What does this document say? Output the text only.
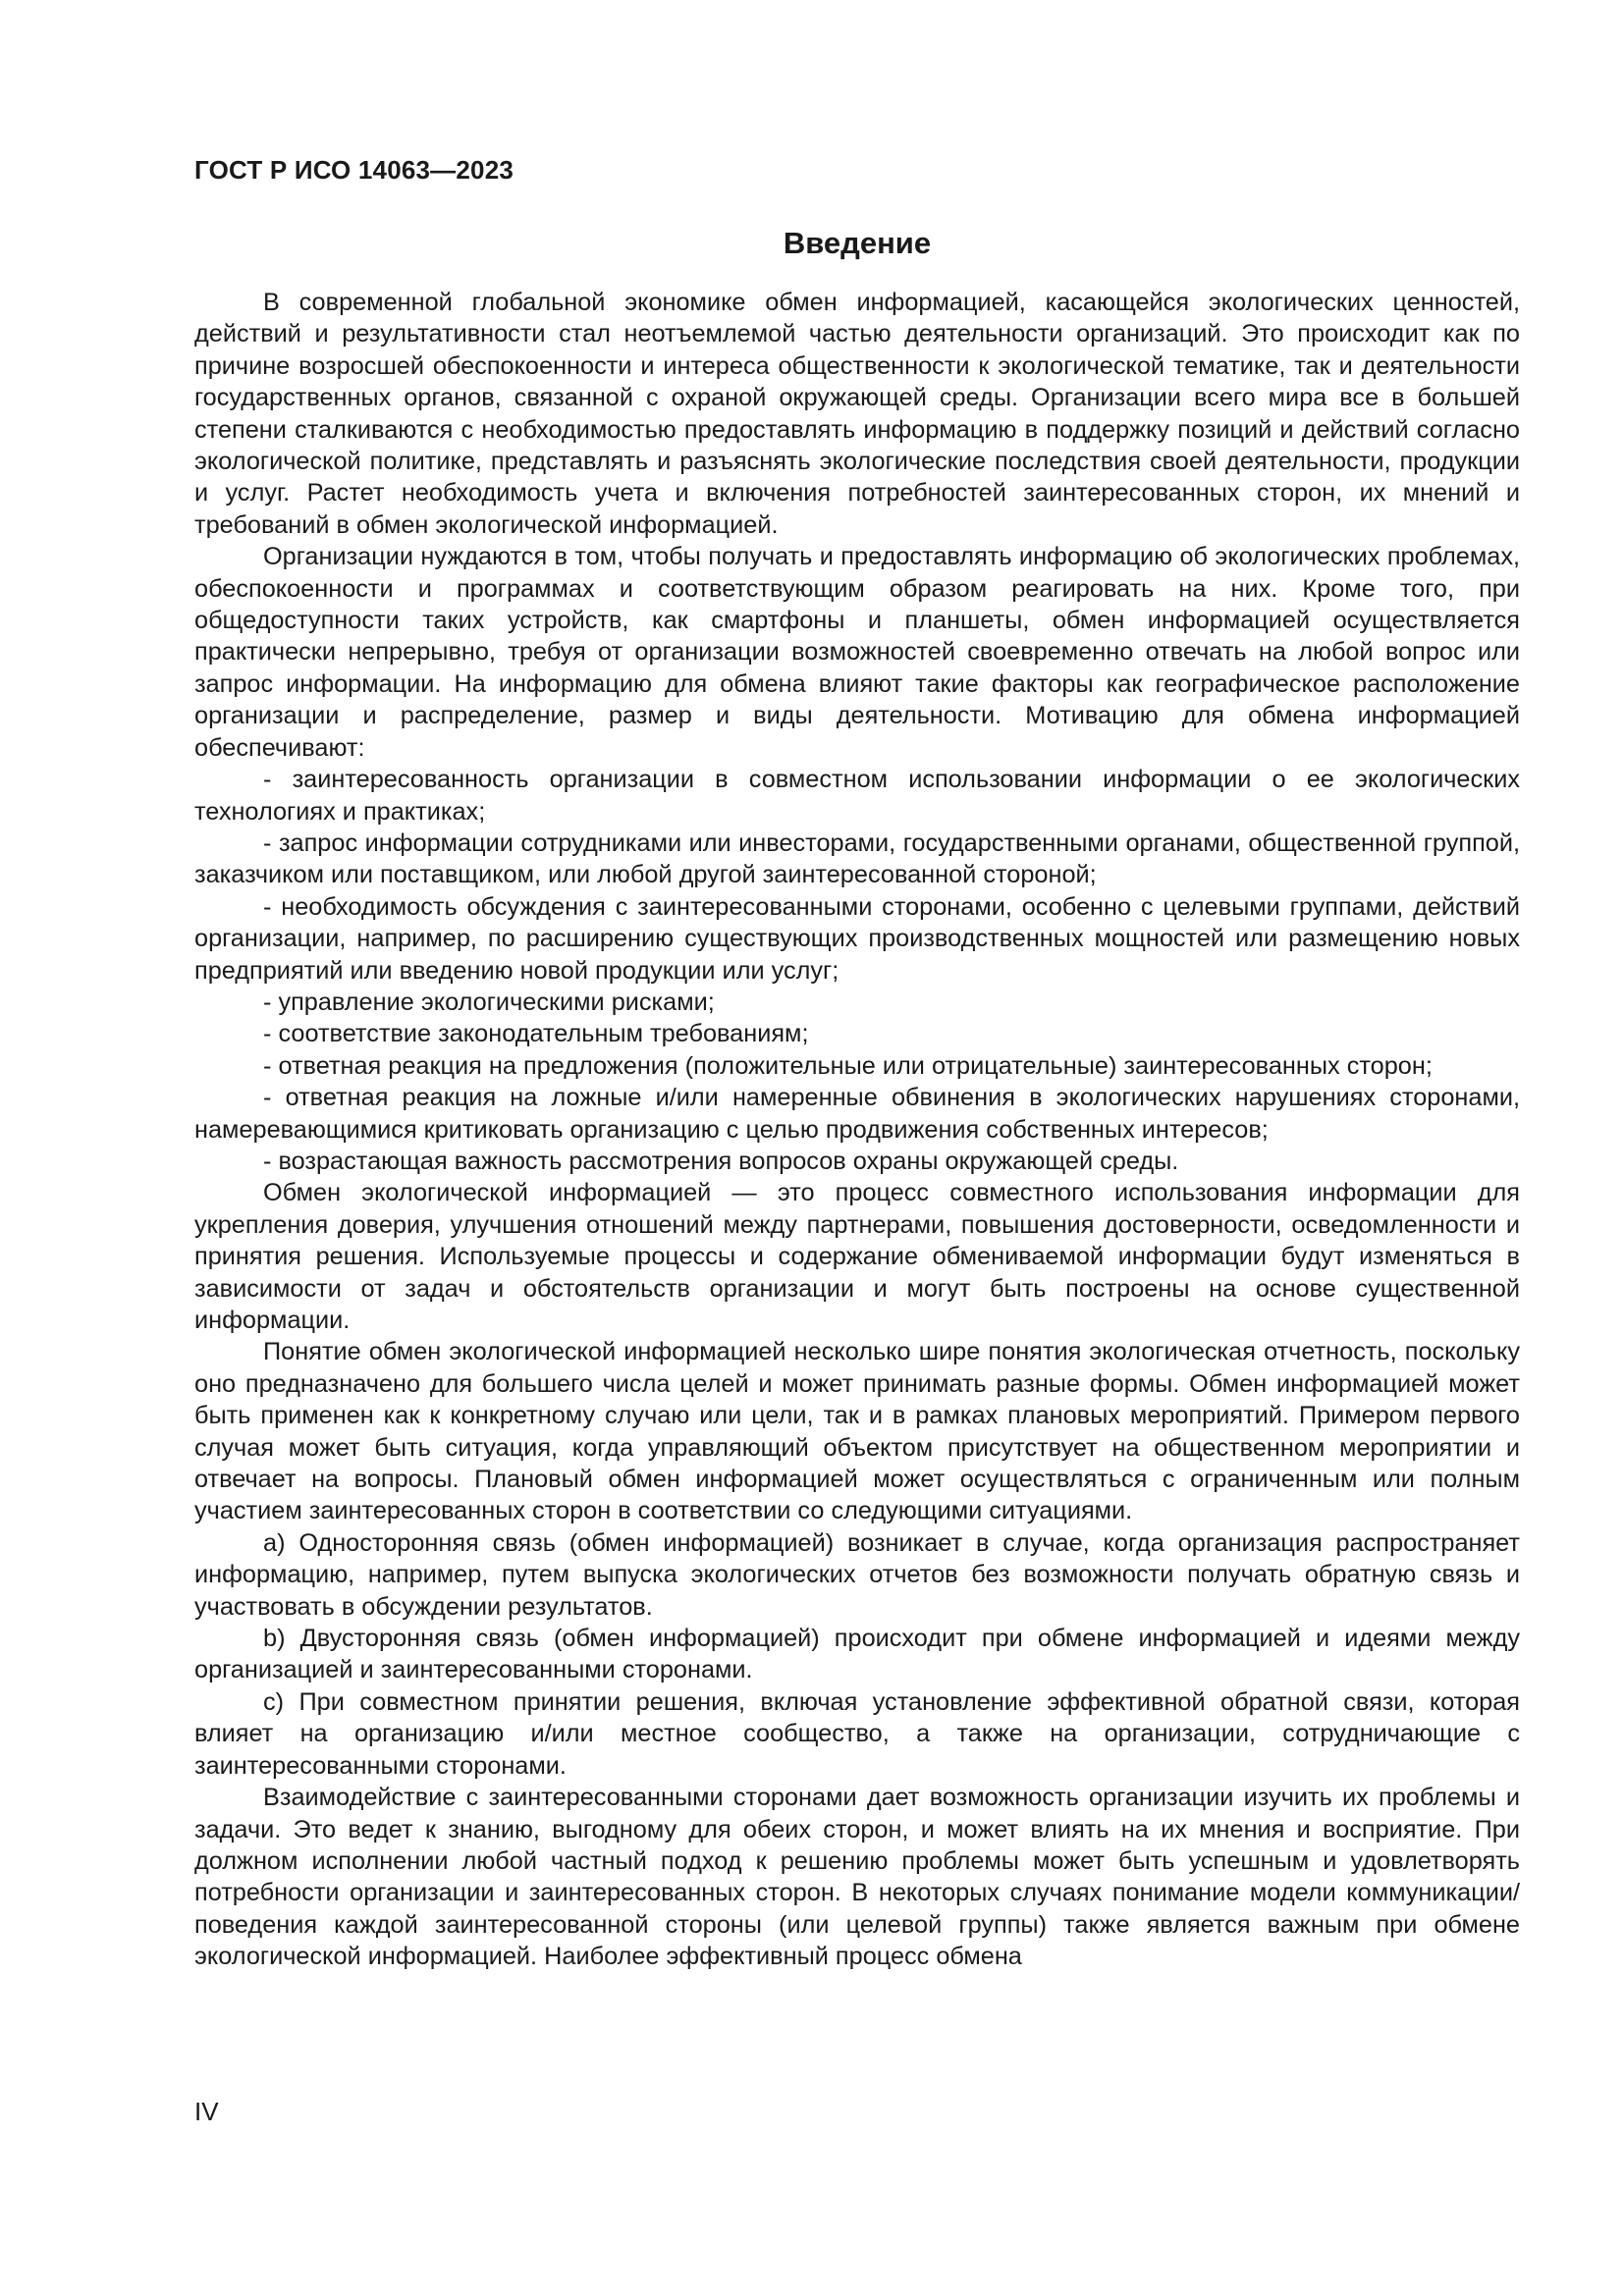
ГОСТ Р ИСО 14063—2023
Введение

В современной глобальной экономике обмен информацией, касающейся экологических ценностей, действий и результативности стал неотъемлемой частью деятельности организаций. Это происходит как по причине возросшей обеспокоенности и интереса общественности к экологической тематике, так и деятельности государственных органов, связанной с охраной окружающей среды. Организации всего мира все в большей степени сталкиваются с необходимостью предоставлять информацию в поддержку позиций и действий согласно экологической политике, представлять и разъяснять экологические последствия своей деятельности, продукции и услуг. Растет необходимость учета и включения потребностей заинтересованных сторон, их мнений и требований в обмен экологической информацией.

Организации нуждаются в том, чтобы получать и предоставлять информацию об экологических проблемах, обеспокоенности и программах и соответствующим образом реагировать на них. Кроме того, при общедоступности таких устройств, как смартфоны и планшеты, обмен информацией осуществляется практически непрерывно, требуя от организации возможностей своевременно отвечать на любой вопрос или запрос информации. На информацию для обмена влияют такие факторы как географическое расположение организации и распределение, размер и виды деятельности. Мотивацию для обмена информацией обеспечивают:

- заинтересованность организации в совместном использовании информации о ее экологических технологиях и практиках;

- запрос информации сотрудниками или инвесторами, государственными органами, общественной группой, заказчиком или поставщиком, или любой другой заинтересованной стороной;

- необходимость обсуждения с заинтересованными сторонами, особенно с целевыми группами, действий организации, например, по расширению существующих производственных мощностей или размещению новых предприятий или введению новой продукции или услуг;

- управление экологическими рисками;

- соответствие законодательным требованиям;

- ответная реакция на предложения (положительные или отрицательные) заинтересованных сторон;

- ответная реакция на ложные и/или намеренные обвинения в экологических нарушениях сторонами, намеревающимися критиковать организацию с целью продвижения собственных интересов;

- возрастающая важность рассмотрения вопросов охраны окружающей среды.

Обмен экологической информацией — это процесс совместного использования информации для укрепления доверия, улучшения отношений между партнерами, повышения достоверности, осведомленности и принятия решения. Используемые процессы и содержание обмениваемой информации будут изменяться в зависимости от задач и обстоятельств организации и могут быть построены на основе существенной информации.

Понятие обмен экологической информацией несколько шире понятия экологическая отчетность, поскольку оно предназначено для большего числа целей и может принимать разные формы. Обмен информацией может быть применен как к конкретному случаю или цели, так и в рамках плановых мероприятий. Примером первого случая может быть ситуация, когда управляющий объектом присутствует на общественном мероприятии и отвечает на вопросы. Плановый обмен информацией может осуществляться с ограниченным или полным участием заинтересованных сторон в соответствии со следующими ситуациями.

a) Односторонняя связь (обмен информацией) возникает в случае, когда организация распространяет информацию, например, путем выпуска экологических отчетов без возможности получать обратную связь и участвовать в обсуждении результатов.

b) Двусторонняя связь (обмен информацией) происходит при обмене информацией и идеями между организацией и заинтересованными сторонами.

c) При совместном принятии решения, включая установление эффективной обратной связи, которая влияет на организацию и/или местное сообщество, а также на организации, сотрудничающие с заинтересованными сторонами.

Взаимодействие с заинтересованными сторонами дает возможность организации изучить их проблемы и задачи. Это ведет к знанию, выгодному для обеих сторон, и может влиять на их мнения и восприятие. При должном исполнении любой частный подход к решению проблемы может быть успешным и удовлетворять потребности организации и заинтересованных сторон. В некоторых случаях понимание модели коммуникации/поведения каждой заинтересованной стороны (или целевой группы) также является важным при обмене экологической информацией. Наиболее эффективный процесс обмена

IV
